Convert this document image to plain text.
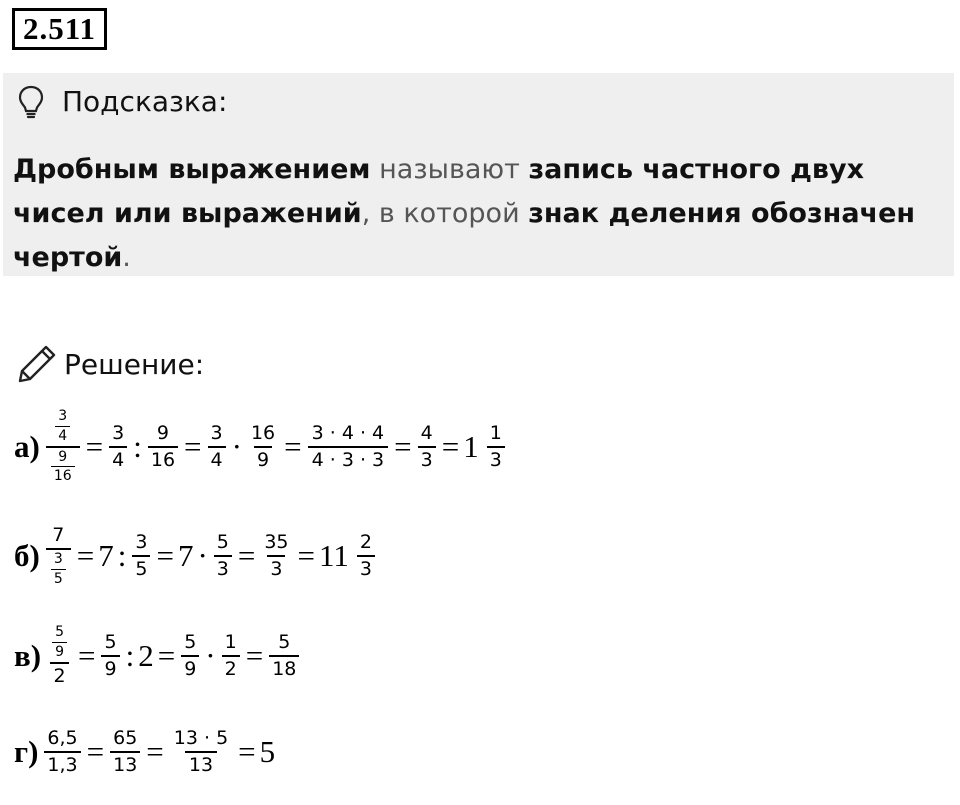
2.511
Подсказка:
Дробным выражением называют запись частного двух чисел или выражений, в которой знак деления обозначен чертой.
Решение:
$а) \frac{\frac{3}{4}}{\frac{9}{16}} = \frac{3}{4}$ : $\frac{9}{16} = \frac{3}{4} \cdot \frac{16}{9} = \frac{3 \cdot 4 \cdot 4}{4 \cdot 3 \cdot 3} = \frac{4}{3} = 1 \frac{1}{3}$
$б) \frac{7}{\frac{3}{5}} = 7$ : $\frac{3}{5} = 7 \cdot \frac{5}{3} = \frac{35}{3} = 11 \frac{2}{3}$
$в) \frac{\frac{5}{9}}{2} = \frac{5}{9}$ : $2 = \frac{5}{9} \cdot \frac{1}{2} = \frac{5}{18}$
$г) \frac{6,5}{1,3} = \frac{65}{13} = \frac{13 \cdot 5}{13} = 5$
